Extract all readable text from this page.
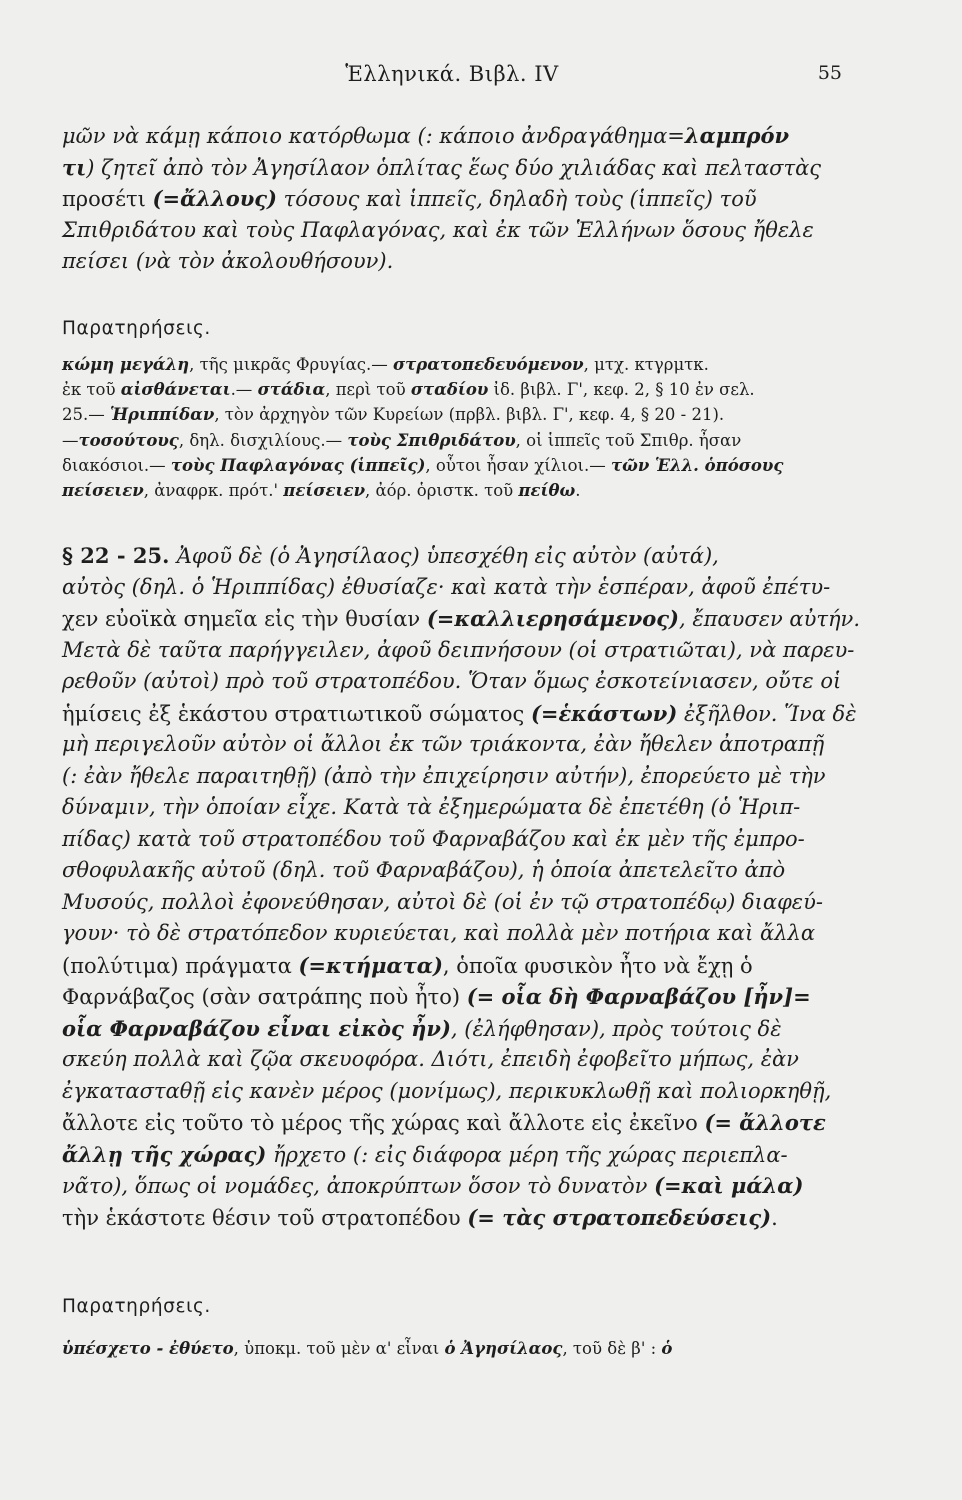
Ἑλληνικά. Βιβλ. IV	55
μῶν νὰ κάμῃ κάποιο κατόρθωμα (: κάποιο ἀνδραγάθημα=λαμπρόν
τι) ζητεῖ ἀπὸ τὸν Ἀγησίλαον ὁπλίτας ἕως δύο χιλιάδας καὶ πελταστὰς
προσέτι (=ἄλλους) τόσους καὶ ἱππεῖς, δηλαδὴ τοὺς (ἱππεῖς) τοῦ
Σπιθριδάτου καὶ τοὺς Παφλαγόνας, καὶ ἐκ τῶν Ἑλλήνων ὅσους ἤθελε
πείσει (νὰ τὸν ἀκολουθήσουν).
Παρατηρήσεις.
κώμη μεγάλη, τῆς μικρᾶς Φρυγίας.— στρατοπεδευόμενον, μτχ. κτγρμτκ.
ἐκ τοῦ αἰσθάνεται.— στάδια, περὶ τοῦ σταδίου ἰδ. βιβλ. Γ', κεφ. 2, § 10 ἐν σελ.
25.— Ἡριππίδαν, τὸν ἀρχηγὸν τῶν Κυρείων (πρβλ. βιβλ. Γ', κεφ. 4, § 20 - 21).
—τοσούτους, δηλ. δισχιλίους.— τοὺς Σπιθριδάτου, οἱ ἱππεῖς τοῦ Σπιθρ. ἦσαν
διακόσιοι.— τοὺς Παφλαγόνας (ἱππεῖς), οὗτοι ἦσαν χίλιοι.— τῶν Ἑλλ. ὁπόσους
πείσειεν, ἀναφρκ. πρότ.' πείσειεν, ἀόρ. ὁριστκ. τοῦ πείθω.
§ 22 - 25. Ἀφοῦ δὲ (ὁ Ἀγησίλαος) ὑπεσχέθη εἰς αὐτὸν (αὐτά),
αὐτὸς (δηλ. ὁ Ἡριππίδας) ἐθυσίαζε· καὶ κατὰ τὴν ἑσπέραν, ἀφοῦ ἐπέτυ-
χεν εὐοϊκὰ σημεῖα εἰς τὴν θυσίαν (=καλλιερησάμενος), ἔπαυσεν αὐτήν.
Μετὰ δὲ ταῦτα παρήγγειλεν, ἀφοῦ δειπνήσουν (οἱ στρατιῶται), νὰ παρευ-
ρεθοῦν (αὐτοὶ) πρὸ τοῦ στρατοπέδου. Ὅταν ὅμως ἐσκοτείνιασεν, οὔτε οἱ
ἡμίσεις ἐξ ἑκάστου στρατιωτικοῦ σώματος (=ἑκάστων) ἐξῆλθον. Ἵνα δὲ
μὴ περιγελοῦν αὐτὸν οἱ ἄλλοι ἐκ τῶν τριάκοντα, ἐὰν ἤθελεν ἀποτραπῇ
(: ἐὰν ἤθελε παραιτηθῇ) (ἀπὸ τὴν ἐπιχείρησιν αὐτήν), ἐπορεύετο μὲ τὴν
δύναμιν, τὴν ὁποίαν εἶχε. Κατὰ τὰ ἐξημερώματα δὲ ἐπετέθη (ὁ Ἡριπ-
πίδας) κατὰ τοῦ στρατοπέδου τοῦ Φαρναβάζου καὶ ἐκ μὲν τῆς ἐμπρο-
σθοφυλακῆς αὐτοῦ (δηλ. τοῦ Φαρναβάζου), ἡ ὁποία ἀπετελεῖτο ἀπὸ
Μυσούς, πολλοὶ ἐφονεύθησαν, αὐτοὶ δὲ (οἱ ἐν τῷ στρατοπέδῳ) διαφεύ-
γουν· τὸ δὲ στρατόπεδον κυριεύεται, καὶ πολλὰ μὲν ποτήρια καὶ ἄλλα
(πολύτιμα) πράγματα (=κτήματα), ὁποῖα φυσικὸν ἦτο νὰ ἔχῃ ὁ
Φαρνάβαζος (σὰν σατράπης ποὺ ἦτο) (= οἷα δὴ Φαρναβάζου [ἦν]=
οἷα Φαρναβάζου εἶναι εἰκὸς ἦν), (ἐλήφθησαν), πρὸς τούτοις δὲ
σκεύη πολλὰ καὶ ζῷα σκευοφόρα. Διότι, ἐπειδὴ ἐφοβεῖτο μήπως, ἐὰν
ἐγκατασταθῇ εἰς κανὲν μέρος (μονίμως), περικυκλωθῇ καὶ πολιορκηθῇ,
ἄλλοτε εἰς τοῦτο τὸ μέρος τῆς χώρας καὶ ἄλλοτε εἰς ἐκεῖνο (= ἄλλοτε
ἄλλῃ τῆς χώρας) ἤρχετο (: εἰς διάφορα μέρη τῆς χώρας περιεπλα-
νᾶτο), ὅπως οἱ νομάδες, ἀποκρύπτων ὅσον τὸ δυνατὸν (=καὶ μάλα)
τὴν ἑκάστοτε θέσιν τοῦ στρατοπέδου (= τὰς στρατοπεδεύσεις).
Παρατηρήσεις.
ὑπέσχετο - ἐθύετο, ὑποκμ. τοῦ μὲν α' εἶναι ὁ Ἀγησίλαος, τοῦ δὲ β' : ὁ
